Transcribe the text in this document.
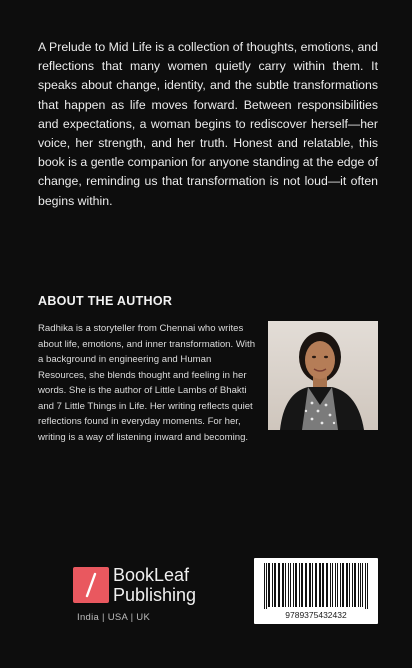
A Prelude to Mid Life is a collection of thoughts, emotions, and reflections that many women quietly carry within them. It speaks about change, identity, and the subtle transformations that happen as life moves forward. Between responsibilities and expectations, a woman begins to rediscover herself—her voice, her strength, and her truth. Honest and relatable, this book is a gentle companion for anyone standing at the edge of change, reminding us that transformation is not loud—it often begins within.

ABOUT THE AUTHOR

Radhika is a storyteller from Chennai who writes about life, emotions, and inner transformation. With a background in engineering and Human Resources, she blends thought and feeling in her words. She is the author of Little Lambs of Bhakti and 7 Little Things in Life. Her writing reflects quiet reflections found in everyday moments. For her, writing is a way of listening inward and becoming.

BookLeaf
Publishing
India | USA | UK	9789375432432
